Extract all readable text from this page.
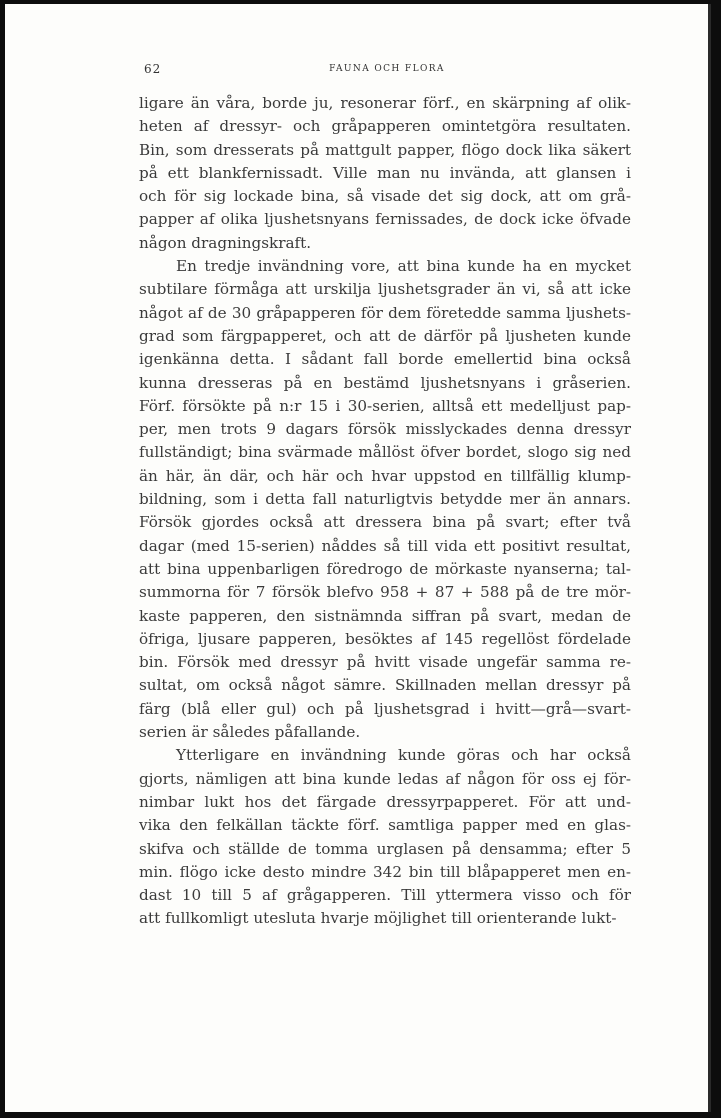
62	FAUNA OCH FLORA
ligare än våra, borde ju, resonerar förf., en skärpning af olik-
heten af dressyr- och gråpapperen omintetgöra resultaten.
Bin, som dresserats på mattgult papper, flögo dock lika säkert
på ett blankfernissadt. Ville man nu invända, att glansen i
och för sig lockade bina, så visade det sig dock, att om grå-
papper af olika ljushetsnyans fernissades, de dock icke öfvade
någon dragningskraft.
En tredje invändning vore, att bina kunde ha en mycket
subtilare förmåga att urskilja ljushetsgrader än vi, så att icke
något af de 30 gråpapperen för dem företedde samma ljushets-
grad som färgpapperet, och att de därför på ljusheten kunde
igenkänna detta. I sådant fall borde emellertid bina också
kunna dresseras på en bestämd ljushetsnyans i gråserien.
Förf. försökte på n:r 15 i 30-serien, alltså ett medelljust pap-
per, men trots 9 dagars försök misslyckades denna dressyr
fullständigt; bina svärmade mållöst öfver bordet, slogo sig ned
än här, än där, och här och hvar uppstod en tillfällig klump-
bildning, som i detta fall naturligtvis betydde mer än annars.
Försök gjordes också att dressera bina på svart; efter två
dagar (med 15-serien) nåddes så till vida ett positivt resultat,
att bina uppenbarligen föredrogo de mörkaste nyanserna; tal-
summorna för 7 försök blefvo 958 + 87 + 588 på de tre mör-
kaste papperen, den sistnämnda siffran på svart, medan de
öfriga, ljusare papperen, besöktes af 145 regellöst fördelade
bin. Försök med dressyr på hvitt visade ungefär samma re-
sultat, om också något sämre. Skillnaden mellan dressyr på
färg (blå eller gul) och på ljushetsgrad i hvitt—grå—svart-
serien är således påfallande.
Ytterligare en invändning kunde göras och har också
gjorts, nämligen att bina kunde ledas af någon för oss ej för-
nimbar lukt hos det färgade dressyrpapperet. För att und-
vika den felkällan täckte förf. samtliga papper med en glas-
skifva och ställde de tomma urglasen på densamma; efter 5
min. flögo icke desto mindre 342 bin till blåpapperet men en-
dast 10 till 5 af grågapperen. Till yttermera visso och för
att fullkomligt utesluta hvarje möjlighet till orienterande lukt-
